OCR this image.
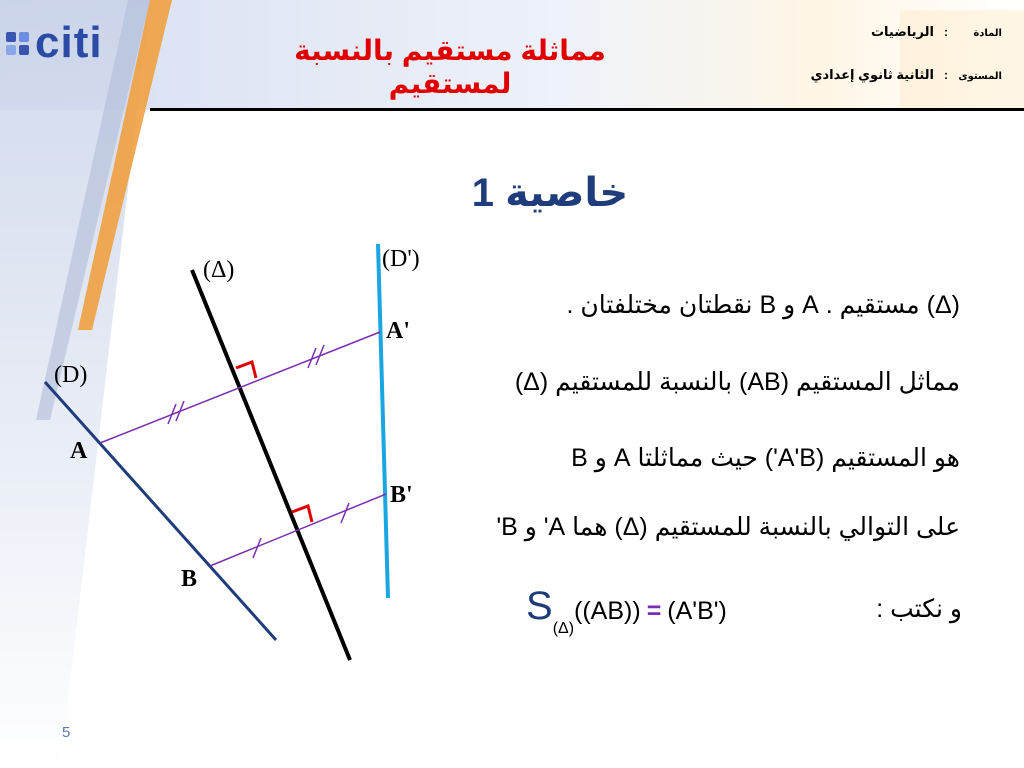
citi	مماثلة مستقيم بالنسبة لمستقيم
المادة
:
الرياضيات
المستوى
:
الثانية ثانوي إعدادي
خاصية 1
(Δ)
(D)
(D')
A
B
A'
B'
(Δ) مستقيم . A و B نقطتان مختلفتان .
مماثل المستقيم (AB) بالنسبة للمستقيم (Δ)
هو المستقيم (A'B') حيث مماثلتا A و B
على التوالي بالنسبة للمستقيم (Δ) هما A' و B'
$S_{(\Delta)}((AB)) = (A'B')$	و نكتب :
5
